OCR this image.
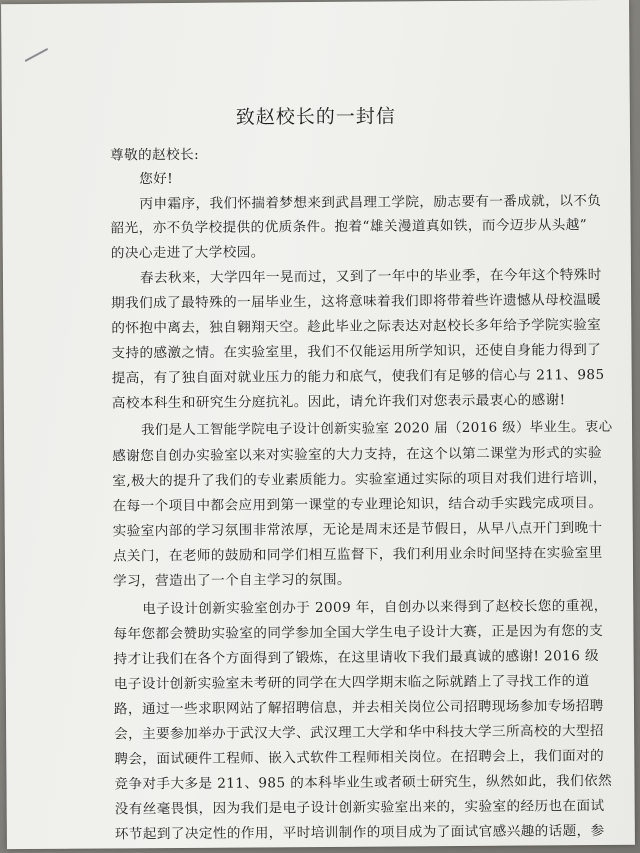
致赵校长的一封信
尊敬的赵校长:
您好!
丙申霜序，我们怀揣着梦想来到武昌理工学院，励志要有一番成就，以不负
韶光，亦不负学校提供的优质条件。抱着“雄关漫道真如铁，而今迈步从头越”
的决心走进了大学校园。
春去秋来，大学四年一晃而过，又到了一年中的毕业季，在今年这个特殊时
期我们成了最特殊的一届毕业生，这将意味着我们即将带着些许遗憾从母校温暖
的怀抱中离去，独自翱翔天空。趁此毕业之际表达对赵校长多年给予学院实验室
支持的感激之情。在实验室里，我们不仅能运用所学知识，还使自身能力得到了
提高，有了独自面对就业压力的能力和底气，使我们有足够的信心与 211、985
高校本科生和研究生分庭抗礼。因此，请允许我们对您表示最衷心的感谢!
我们是人工智能学院电子设计创新实验室 2020 届（2016 级）毕业生。衷心
感谢您自创办实验室以来对实验室的大力支持，在这个以第二课堂为形式的实验
室,极大的提升了我们的专业素质能力。实验室通过实际的项目对我们进行培训，
在每一个项目中都会应用到第一课堂的专业理论知识，结合动手实践完成项目。
实验室内部的学习氛围非常浓厚，无论是周末还是节假日，从早八点开门到晚十
点关门，在老师的鼓励和同学们相互监督下，我们利用业余时间坚持在实验室里
学习，营造出了一个自主学习的氛围。
电子设计创新实验室创办于 2009 年，自创办以来得到了赵校长您的重视，
每年您都会赞助实验室的同学参加全国大学生电子设计大赛，正是因为有您的支
持才让我们在各个方面得到了锻炼，在这里请收下我们最真诚的感谢! 2016 级
电子设计创新实验室未考研的同学在大四学期末临之际就踏上了寻找工作的道
路，通过一些求职网站了解招聘信息，并去相关岗位公司招聘现场参加专场招聘
会，主要参加举办于武汉大学、武汉理工大学和华中科技大学三所高校的大型招
聘会，面试硬件工程师、嵌入式软件工程师相关岗位。在招聘会上，我们面对的
竞争对手大多是 211、985 的本科毕业生或者硕士研究生，纵然如此，我们依然
没有丝毫畏惧，因为我们是电子设计创新实验室出来的，实验室的经历也在面试
环节起到了决定性的作用，平时培训制作的项目成为了面试官感兴趣的话题，参
